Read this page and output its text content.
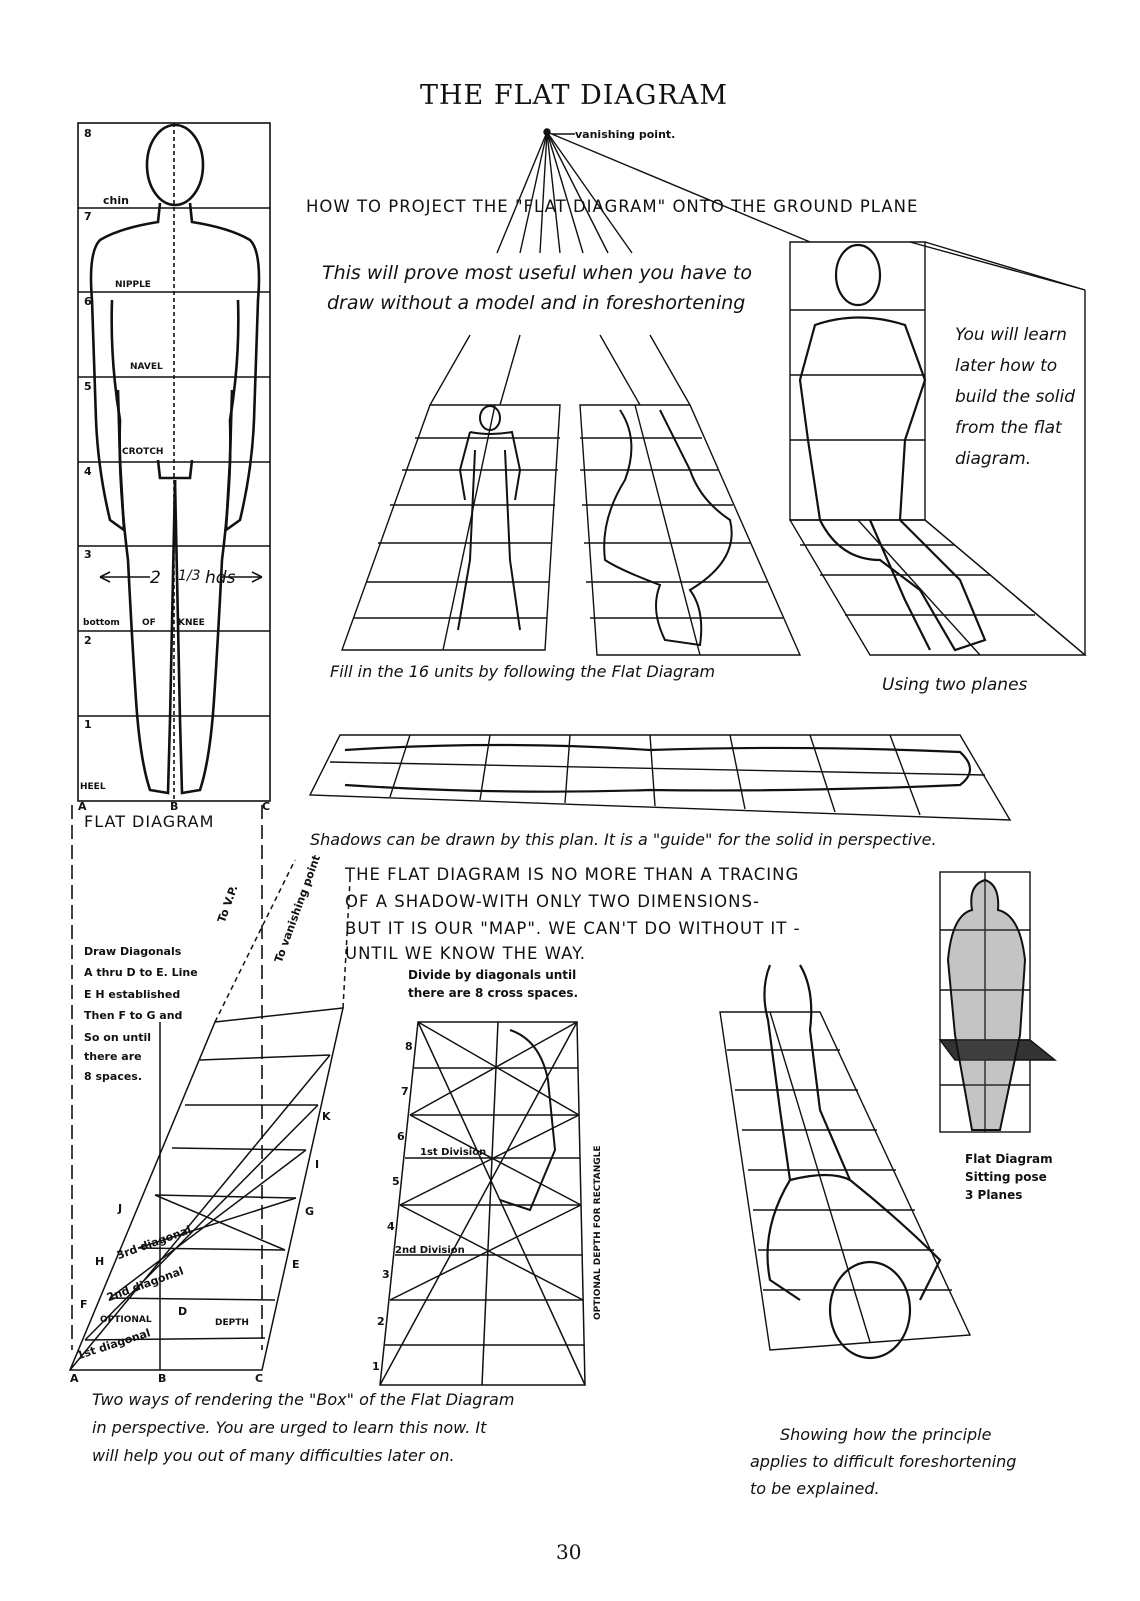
THE FLAT DIAGRAM
vanishing point.
HOW TO PROJECT THE "FLAT DIAGRAM" ONTO THE GROUND PLANE
This will prove most useful when you have to
draw without a model and in foreshortening
You will learn
later how to
build the solid
from the flat
diagram.
Fill in the 16 units by following the Flat Diagram
Using two planes
8
7
6
5
4
3
2
1
chin
NIPPLE
NAVEL
CROTCH
bottom OF KNEE
HEEL
2 1/3 hds
A	B	C
FLAT DIAGRAM
Shadows can be drawn by this plan. It is a "guide" for the solid in perspective.
THE FLAT DIAGRAM IS NO MORE THAN A TRACING
OF A SHADOW-WITH ONLY TWO DIMENSIONS-
BUT IT IS OUR "MAP". WE CAN'T DO WITHOUT IT -
UNTIL WE KNOW THE WAY.
Draw Diagonals
A thru D to E. Line
E H established
Then F to G and
So on until
there are
8 spaces.
To V.P.	To vanishing point
1st diagonal
2nd diagonal
3rd diagonal
OPTIONAL	DEPTH
A	B	C
D
E
F
G
H
I
J
K
Two ways of rendering the "Box" of the Flat Diagram
in perspective. You are urged to learn this now. It
will help you out of many difficulties later on.
Divide by diagonals until
there are 8 cross spaces.
1st Division
2nd Division	OPTIONAL DEPTH FOR RECTANGLE
8
7
6
5
4
3
2
1
Flat Diagram
Sitting pose
3 Planes
Showing how the principle
applies to difficult foreshortening
to be explained.
30
